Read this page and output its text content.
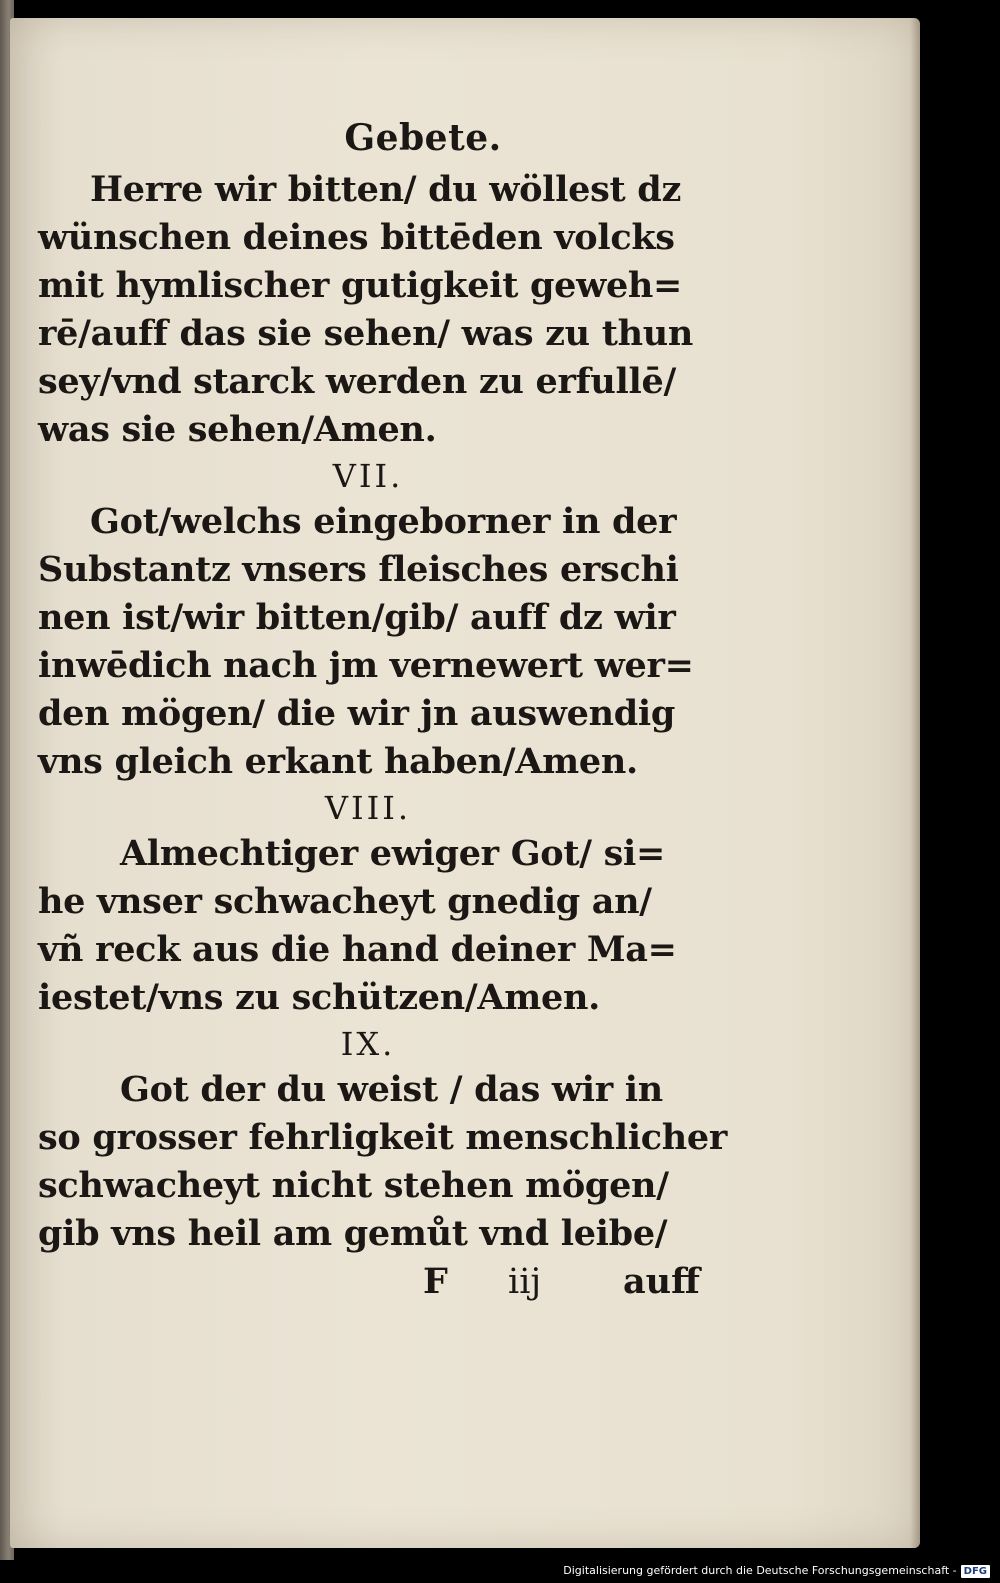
Gebete.
Herre wir bitten/ du wöllest dz
wünschen deines bittēden volcks
mit hymlischer gutigkeit geweh=
rē/auff das sie sehen/ was zu thun
sey/vnd starck werden zu erfullē/
was sie sehen/Amen.
VII.
Got/welchs eingeborner in der
Substantz vnsers fleisches erschi
nen ist/wir bitten/gib/ auff dz wir
inwēdich nach jm vernewert wer=
den mögen/ die wir jn auswendig
vns gleich erkant haben/Amen.
VIII.
Almechtiger ewiger Got/ si=
he vnser schwacheyt gnedig an/
vñ reck aus die hand deiner Ma=
iestet/vns zu schützen/Amen.
IX.
Got der du weist / das wir in
so grosser fehrligkeit menschlicher
schwacheyt nicht stehen mögen/
gib vns heil am gemůt vnd leibe/
F iij auff
Digitalisierung gefördert durch die Deutsche Forschungsgemeinschaft - DFG
